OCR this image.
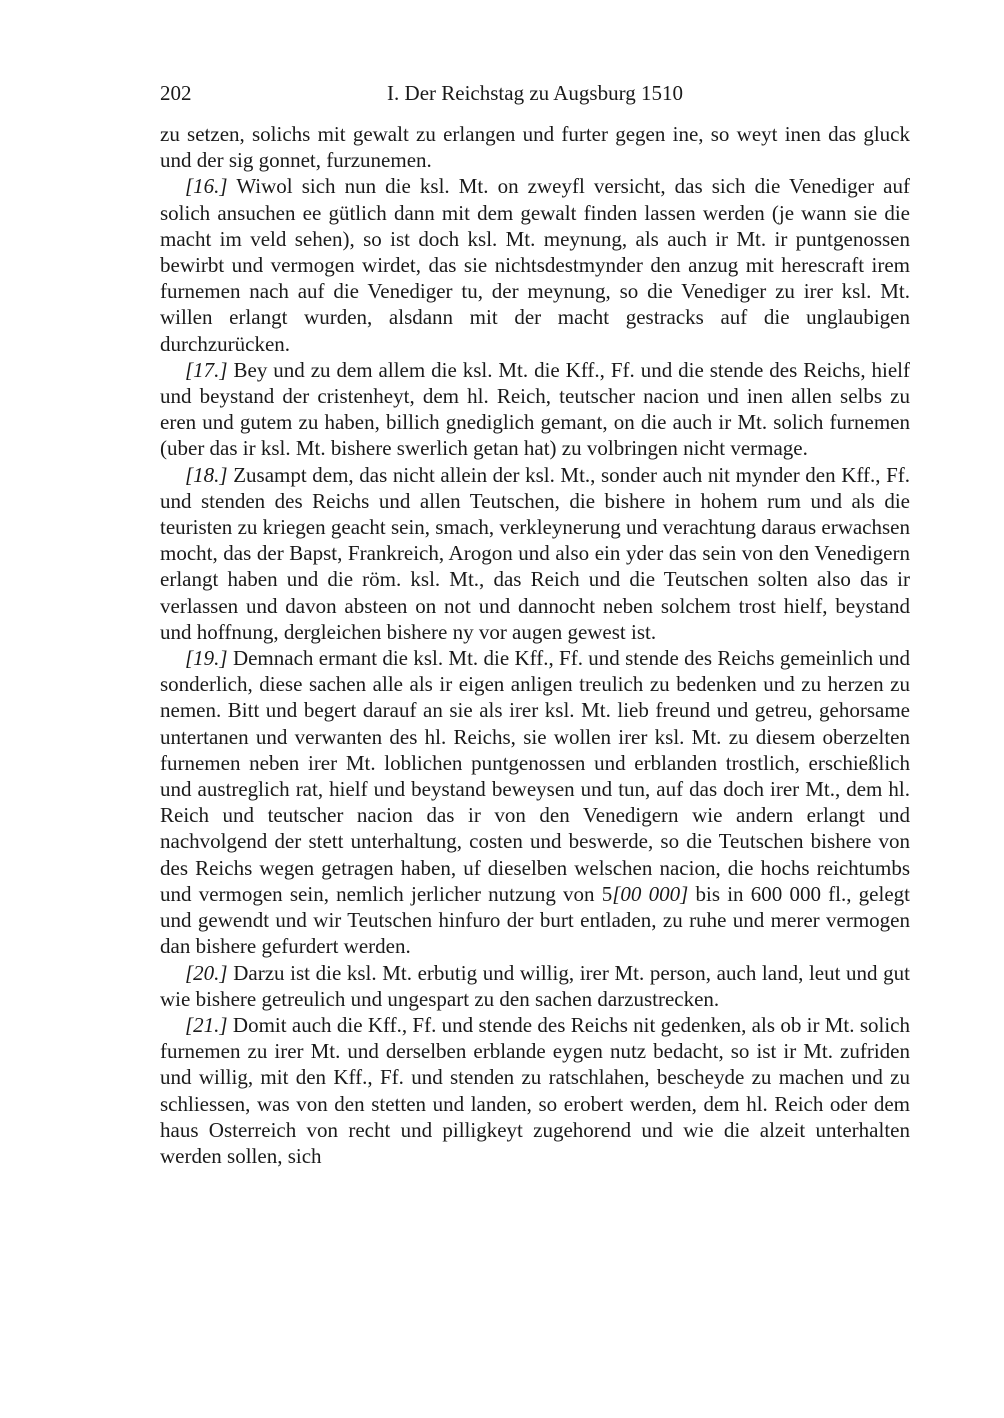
202	I. Der Reichstag zu Augsburg 1510

zu setzen, solichs mit gewalt zu erlangen und furter gegen ine, so weyt inen das gluck und der sig gonnet, furzunemen.

[16.] Wiwol sich nun die ksl. Mt. on zweyfl versicht, das sich die Venediger auf solich ansuchen ee gütlich dann mit dem gewalt finden lassen werden (je wann sie die macht im veld sehen), so ist doch ksl. Mt. meynung, als auch ir Mt. ir puntgenossen bewirbt und vermogen wirdet, das sie nichtsdestmynder den anzug mit herescraft irem furnemen nach auf die Venediger tu, der meynung, so die Venediger zu irer ksl. Mt. willen erlangt wurden, alsdann mit der macht gestracks auf die unglaubigen durchzurücken.

[17.] Bey und zu dem allem die ksl. Mt. die Kff., Ff. und die stende des Reichs, hielf und beystand der cristenheyt, dem hl. Reich, teutscher nacion und inen allen selbs zu eren und gutem zu haben, billich gnediglich gemant, on die auch ir Mt. solich furnemen (uber das ir ksl. Mt. bishere swerlich getan hat) zu volbringen nicht vermage.

[18.] Zusampt dem, das nicht allein der ksl. Mt., sonder auch nit mynder den Kff., Ff. und stenden des Reichs und allen Teutschen, die bishere in hohem rum und als die teuristen zu kriegen geacht sein, smach, verkleynerung und verachtung daraus erwachsen mocht, das der Bapst, Frankreich, Arogon und also ein yder das sein von den Venedigern erlangt haben und die röm. ksl. Mt., das Reich und die Teutschen solten also das ir verlassen und davon absteen on not und dannocht neben solchem trost hielf, beystand und hoffnung, dergleichen bishere ny vor augen gewest ist.

[19.] Demnach ermant die ksl. Mt. die Kff., Ff. und stende des Reichs gemeinlich und sonderlich, diese sachen alle als ir eigen anligen treulich zu bedenken und zu herzen zu nemen. Bitt und begert darauf an sie als irer ksl. Mt. lieb freund und getreu, gehorsame untertanen und verwanten des hl. Reichs, sie wollen irer ksl. Mt. zu diesem oberzelten furnemen neben irer Mt. loblichen puntgenossen und erblanden trostlich, erschießlich und austreglich rat, hielf und beystand beweysen und tun, auf das doch irer Mt., dem hl. Reich und teutscher nacion das ir von den Venedigern wie andern erlangt und nachvolgend der stett unterhaltung, costen und beswerde, so die Teutschen bishere von des Reichs wegen getragen haben, uf dieselben welschen nacion, die hochs reichtumbs und vermogen sein, nemlich jerlicher nutzung von 5[00 000] bis in 600 000 fl., gelegt und gewendt und wir Teutschen hinfuro der burt entladen, zu ruhe und merer vermogen dan bishere gefurdert werden.

[20.] Darzu ist die ksl. Mt. erbutig und willig, irer Mt. person, auch land, leut und gut wie bishere getreulich und ungespart zu den sachen darzustrecken.

[21.] Domit auch die Kff., Ff. und stende des Reichs nit gedenken, als ob ir Mt. solich furnemen zu irer Mt. und derselben erblande eygen nutz bedacht, so ist ir Mt. zufriden und willig, mit den Kff., Ff. und stenden zu ratschlahen, bescheyde zu machen und zu schliessen, was von den stetten und landen, so erobert werden, dem hl. Reich oder dem haus Osterreich von recht und pilligkeyt zugehorend und wie die alzeit unterhalten werden sollen, sich
